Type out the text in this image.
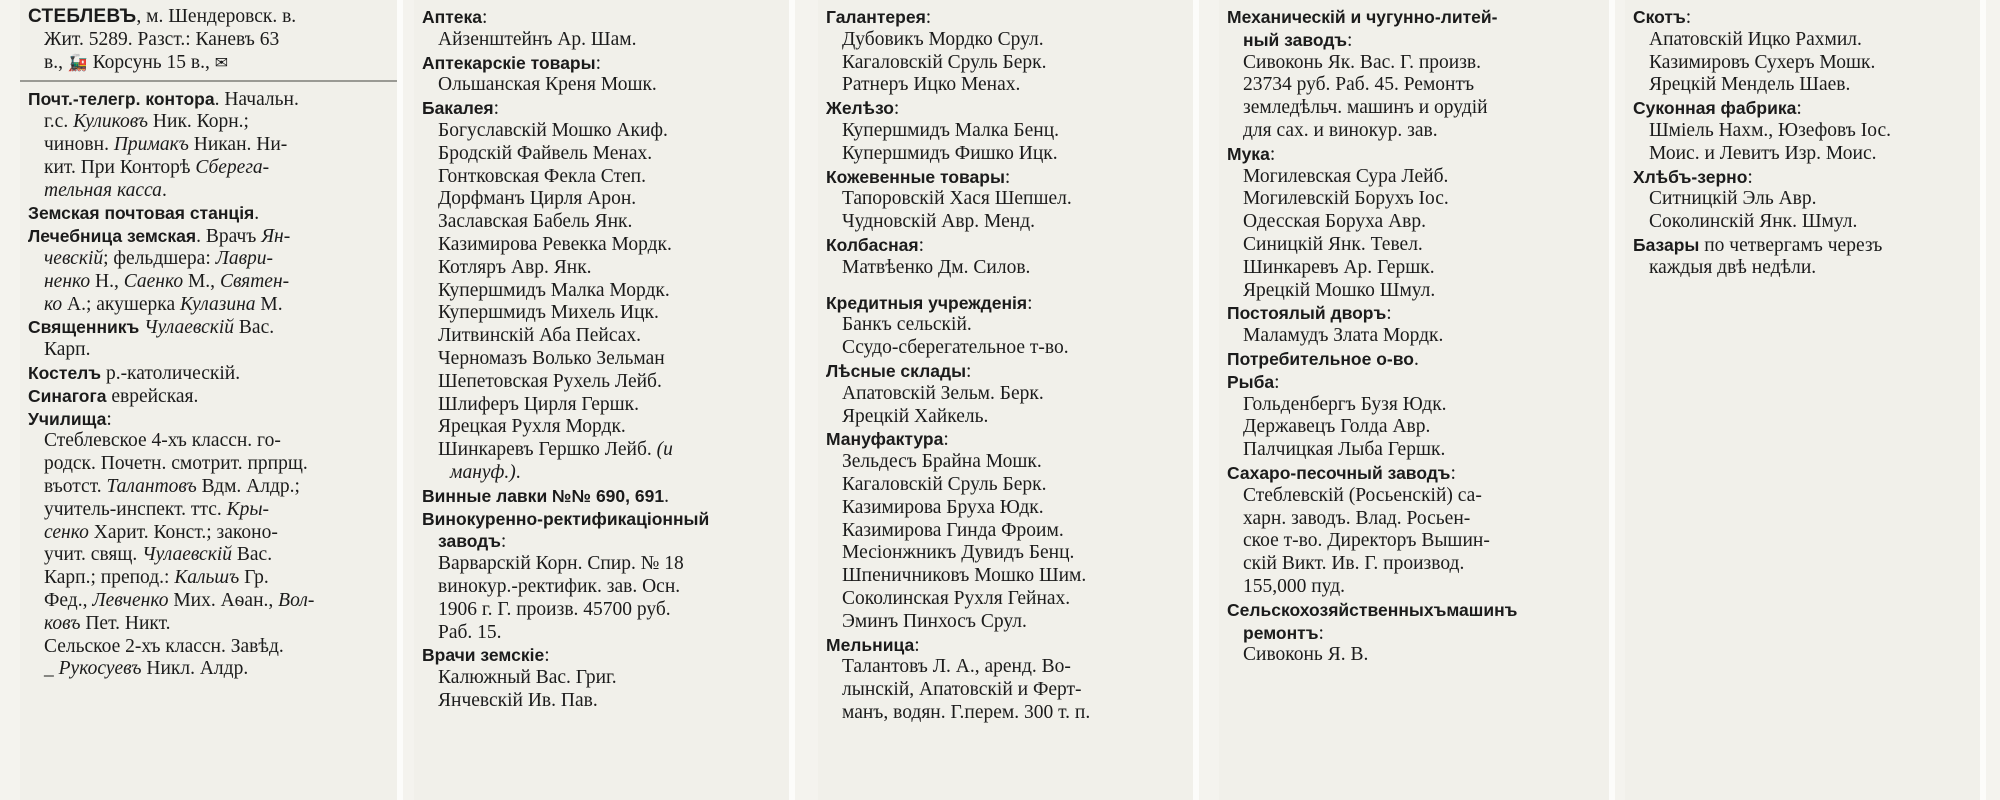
СТЕБЛЕВЪ, м. Шендеровск. в.
Жит. 5289. Разст.: Каневъ 63
в., 🚂 Корсунь 15 в., ✉
Почт.-телегр. контора. Начальн.
г.с. Куликовъ Ник. Корн.;
чиновн. Примакъ Никан. Ни-
кит. При Конторѣ Сберега-
тельная касса.
Земская почтовая станція.
Лечебница земская. Врачъ Ян-
чевскій; фельдшера: Лаври-
ненко Н., Саенко М., Святен-
ко А.; акушерка Кулазина М.
Священникъ Чулаевскій Вас.
Карп.
Костелъ р.-католическій.
Синагога еврейская.
Училища:
Стеблевское 4-хъ классн. го-
родск. Почетн. смотрит. прпрщ.
въотст. Талантовъ Вдм. Алдр.;
учитель-инспект. ттс. Кры-
сенко Харит. Конст.; законо-
учит. свящ. Чулаевскій Вас.
Карп.; препод.: Кальшъ Гр.
Фед., Левченко Мих. Аѳан., Вол-
ковъ Пет. Никт.
Сельское 2-хъ классн. Завѣд.
_ Рукосуевъ Никл. Алдр.
Аптека:
Айзенштейнъ Ар. Шам.
Аптекарскіе товары:
Ольшанская Креня Мошк.
Бакалея:
Богуславскій Мошко Акиф.
Бродскій Файвель Менах.
Гонтковская Фекла Степ.
Дорфманъ Цирля Арон.
Заславская Бабель Янк.
Казимирова Ревекка Мордк.
Котляръ Авр. Янк.
Купершмидъ Малка Мордк.
Купершмидъ Михель Ицк.
Литвинскій Аба Пейсах.
Черномазъ Волько Зельман
Шепетовская Рухель Лейб.
Шлиферъ Цирля Гершк.
Ярецкая Рухля Мордк.
Шинкаревъ Гершко Лейб. (и
мануф.).
Винные лавки №№ 690, 691.
Винокуренно-ректификаціонный
заводъ:
Варварскій Корн. Спир. № 18
винокур.-ректифик. зав. Осн.
1906 г. Г. произв. 45700 руб.
Раб. 15.
Врачи земскіе:
Калюжный Вас. Григ.
Янчевскій Ив. Пав.
Галантерея:
Дубовикъ Мордко Срул.
Кагаловскій Сруль Берк.
Ратнеръ Ицко Менах.
Желѣзо:
Купершмидъ Малка Бенц.
Купершмидъ Фишко Ицк.
Кожевенные товары:
Тапоровскій Хася Шепшел.
Чудновскій Авр. Менд.
Колбасная:
Матвѣенко Дм. Силов.
Кредитныя учрежденія:
Банкъ сельскій.
Ссудо-сберегательное т-во.
Лѣсные склады:
Апатовскій Зельм. Берк.
Ярецкій Хайкель.
Мануфактура:
Зельдесъ Брайна Мошк.
Кагаловскій Сруль Берк.
Казимирова Бруха Юдк.
Казимирова Гинда Фроим.
Месіонжникъ Дувидъ Бенц.
Шпеничниковъ Мошко Шим.
Соколинская Рухля Гейнах.
Эминъ Пинхосъ Срул.
Мельница:
Талантовъ Л. А., аренд. Во-
лынскій, Апатовскій и Ферт-
манъ, водян. Г.перем. 300 т. п.
Механическій и чугунно-литей-
ный заводъ:
Сивоконь Як. Вас. Г. произв.
23734 руб. Раб. 45. Ремонтъ
земледѣльч. машинъ и орудій
для сах. и винокур. зав.
Мука:
Могилевская Сура Лейб.
Могилевскій Борухъ Іос.
Одесская Боруха Авр.
Синицкій Янк. Тевел.
Шинкаревъ Ар. Гершк.
Ярецкій Мошко Шмул.
Постоялый дворъ:
Маламудъ Злата Мордк.
Потребительное о-во.
Рыба:
Гольденбергъ Бузя Юдк.
Державецъ Голда Авр.
Палчицкая Лыба Гершк.
Сахаро-песочный заводъ:
Стеблевскій (Росьенскій) са-
харн. заводъ. Влад. Росьен-
ское т-во. Директоръ Вышин-
скій Викт. Ив. Г. производ.
155,000 пуд.
Сельскохозяйственныхъмашинъ
ремонтъ:
Сивоконь Я. В.
Скотъ:
Апатовскій Ицко Рахмил.
Казимировъ Сухеръ Мошк.
Ярецкій Мендель Шаев.
Суконная фабрика:
Шміель Нахм., Юзефовъ Іос.
Моис. и Левитъ Изр. Моис.
Хлѣбъ-зерно:
Ситницкій Эль Авр.
Соколинскій Янк. Шмул.
Базары по четвергамъ черезъ
каждыя двѣ недѣли.
